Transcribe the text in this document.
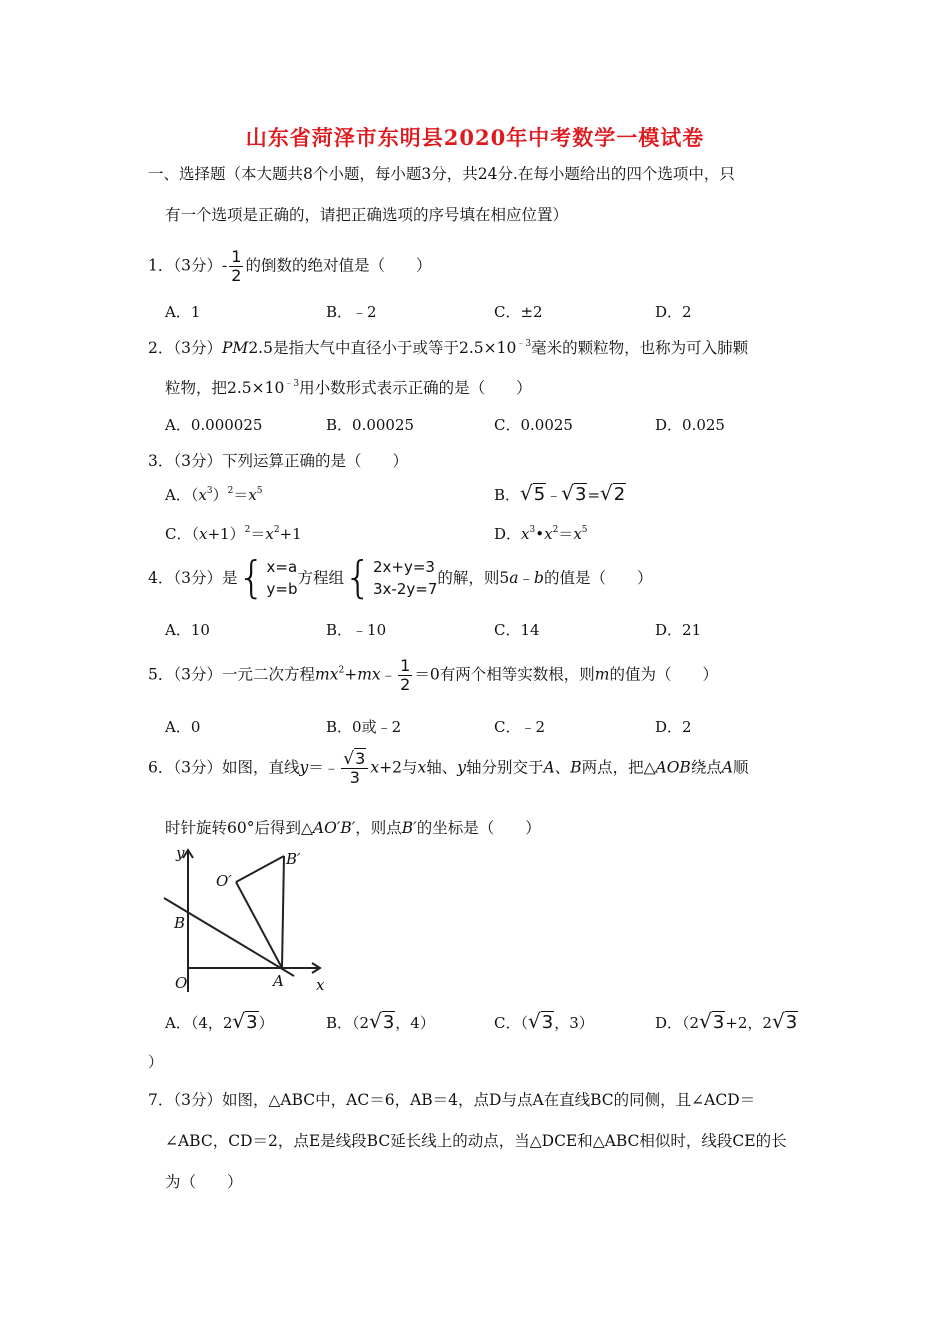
山东省菏泽市东明县2020年中考数学一模试卷
一、选择题（本大题共8个小题，每小题3分，共24分.在每小题给出的四个选项中，只
有一个选项是正确的，请把正确选项的序号填在相应位置）
1．（3分）- $\frac{1}{2}$ 的倒数的绝对值是（　　）
A．1	B．﹣2	C．±2	D．2
2．（3分）PM2.5是指大气中直径小于或等于$2.5\times 10^{﹣3}$毫米的颗粒物，也称为可入肺颗
粒物，把$2.5\times 10^{﹣3}$用小数形式表示正确的是（　　）
A．0.000025	B．0.00025	C．0.0025	D．0.025
3．（3分）下列运算正确的是（　　）
A．$(x^3)^2=x^5$	B．√5﹣√3=√2
C．$(x+1)^2=x^2+1$	D．$x^3•x^2=x^5$
4．（3分）是{ x=a
y=b
方程组{ 2x+y=3
3x-2y=7
的解，则5a﹣b的值是（　　）
A．10	B．﹣10	C．14	D．21
5．（3分）一元二次方程$mx^2+mx﹣ \frac{1}{2} =0$有两个相等实数根，则m的值为（　　）
A．0	B．0或﹣2	C．﹣2	D．2
6．（3分）如图，直线y＝﹣ $\frac{√3}{3} x+2$与x轴、y轴分别交于A、B两点，把△AOB绕点A顺
时针旋转60°后得到△AO′B′，则点B′的坐标是（　　）
y
x
O	A
B
O′
B′
A．（4，2√3）	B．（2√3，4）	C．（√3，3）	D．（2√3+2，2√3
）
7．（3分）如图，△ABC中，AC＝6，AB＝4，点D与点A在直线BC的同侧，且∠ACD＝
∠ABC，CD＝2，点E是线段BC延长线上的动点，当△DCE和△ABC相似时，线段CE的长
为（　　）
